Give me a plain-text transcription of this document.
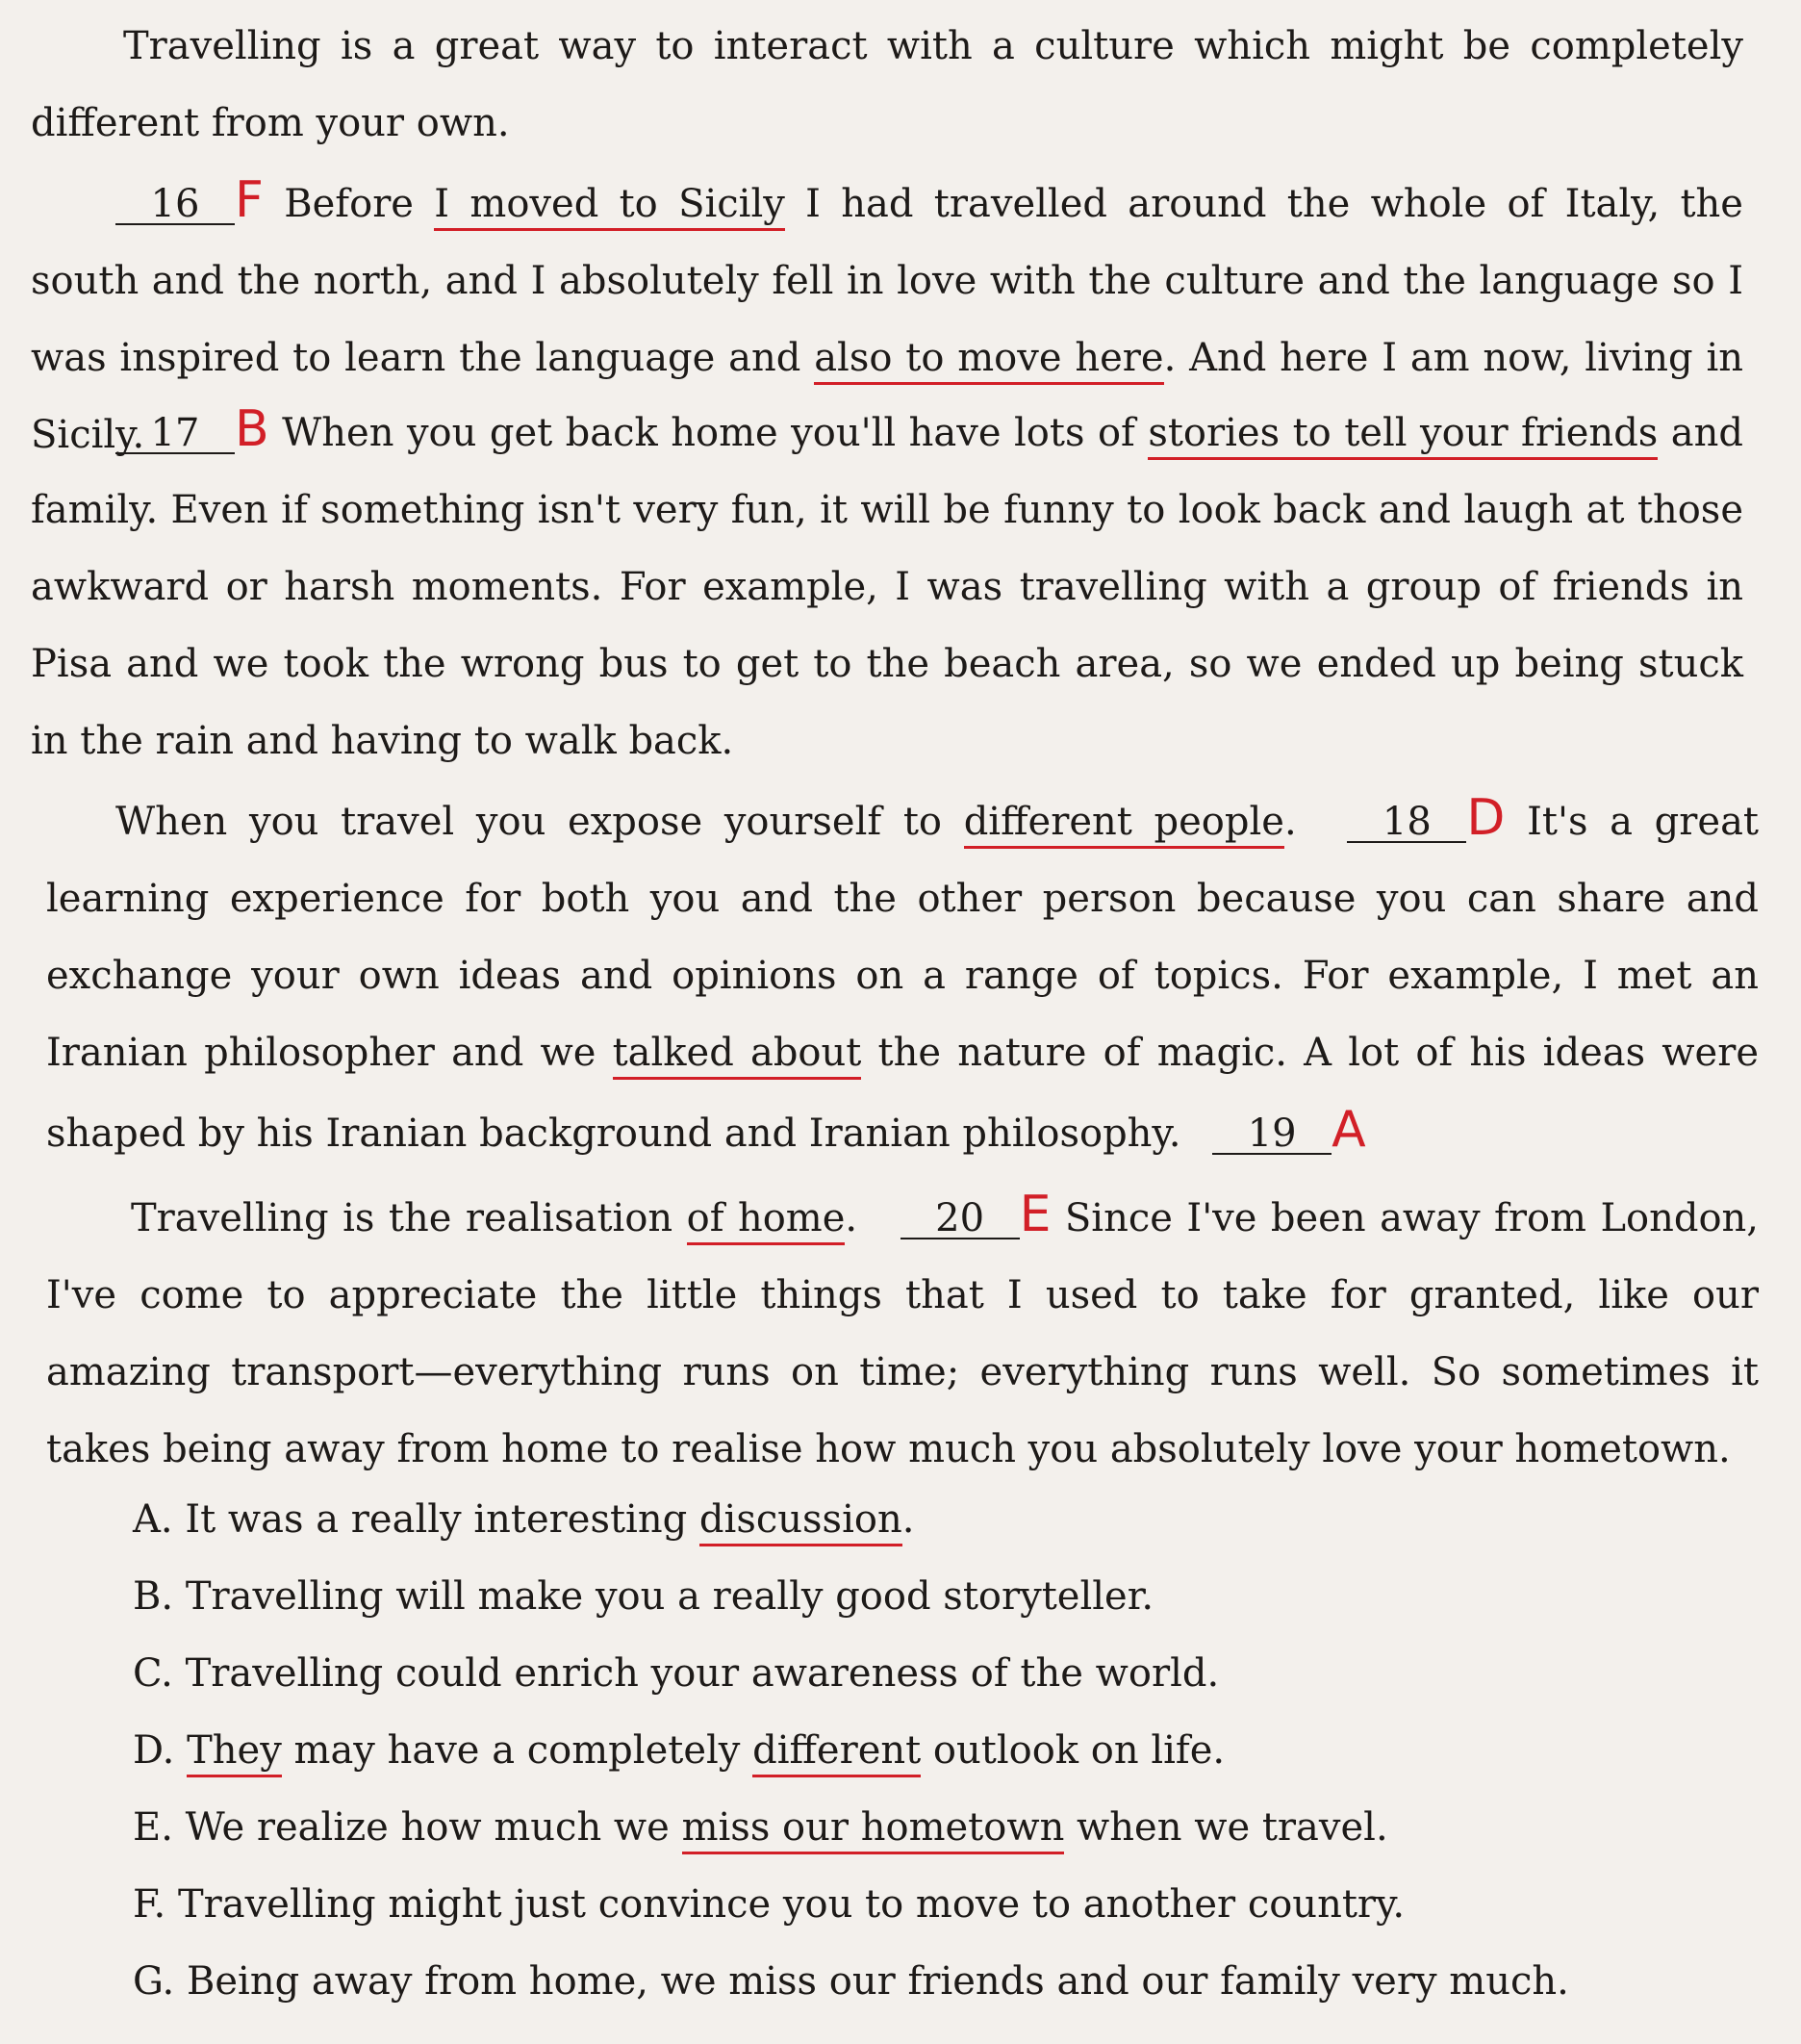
Travelling is a great way to interact with a culture which might be completely different from your own.

16 F Before I moved to Sicily I had travelled around the whole of Italy, the south and the north, and I absolutely fell in love with the culture and the language so I was inspired to learn the language and also to move here. And here I am now, living in Sicily. 17 B When you get back home you'll have lots of stories to tell your friends and family. Even if something isn't very fun, it will be funny to look back and laugh at those awkward or harsh moments. For example, I was travelling with a group of friends in Pisa and we took the wrong bus to get to the beach area, so we ended up being stuck in the rain and having to walk back.

When you travel you expose yourself to different people. 18 D It's a great learning experience for both you and the other person because you can share and exchange your own ideas and opinions on a range of topics. For example, I met an Iranian philosopher and we talked about the nature of magic. A lot of his ideas were shaped by his Iranian background and Iranian philosophy. 19 A

Travelling is the realisation of home. 20 E Since I've been away from London, I've come to appreciate the little things that I used to take for granted, like our amazing transport—everything runs on time; everything runs well. So sometimes it takes being away from home to realise how much you absolutely love your hometown.

A. It was a really interesting discussion.

B. Travelling will make you a really good storyteller.

C. Travelling could enrich your awareness of the world.

D. They may have a completely different outlook on life.

E. We realize how much we miss our hometown when we travel.

F. Travelling might just convince you to move to another country.

G. Being away from home, we miss our friends and our family very much.
